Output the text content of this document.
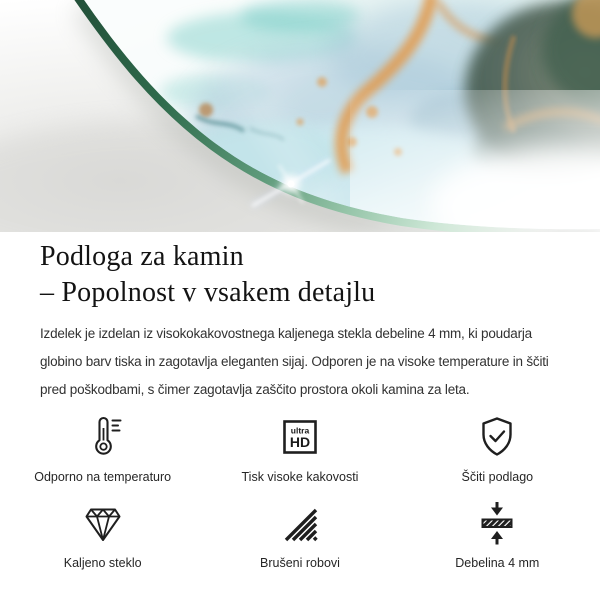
Podloga za kamin
– Popolnost v vsakem detajlu

Izdelek je izdelan iz visokokakovostnega kaljenega stekla debeline 4 mm, ki poudarja globino barv tiska in zagotavlja eleganten sijaj. Odporen je na visoke temperature in ščiti pred poškodbami, s čimer zagotavlja zaščito prostora okoli kamina za leta.

Odporno na temperaturo
ultra
HD
Tisk visoke kakovosti	Ščiti podlago
Kaljeno steklo	Brušeni robovi	Debelina 4 mm
